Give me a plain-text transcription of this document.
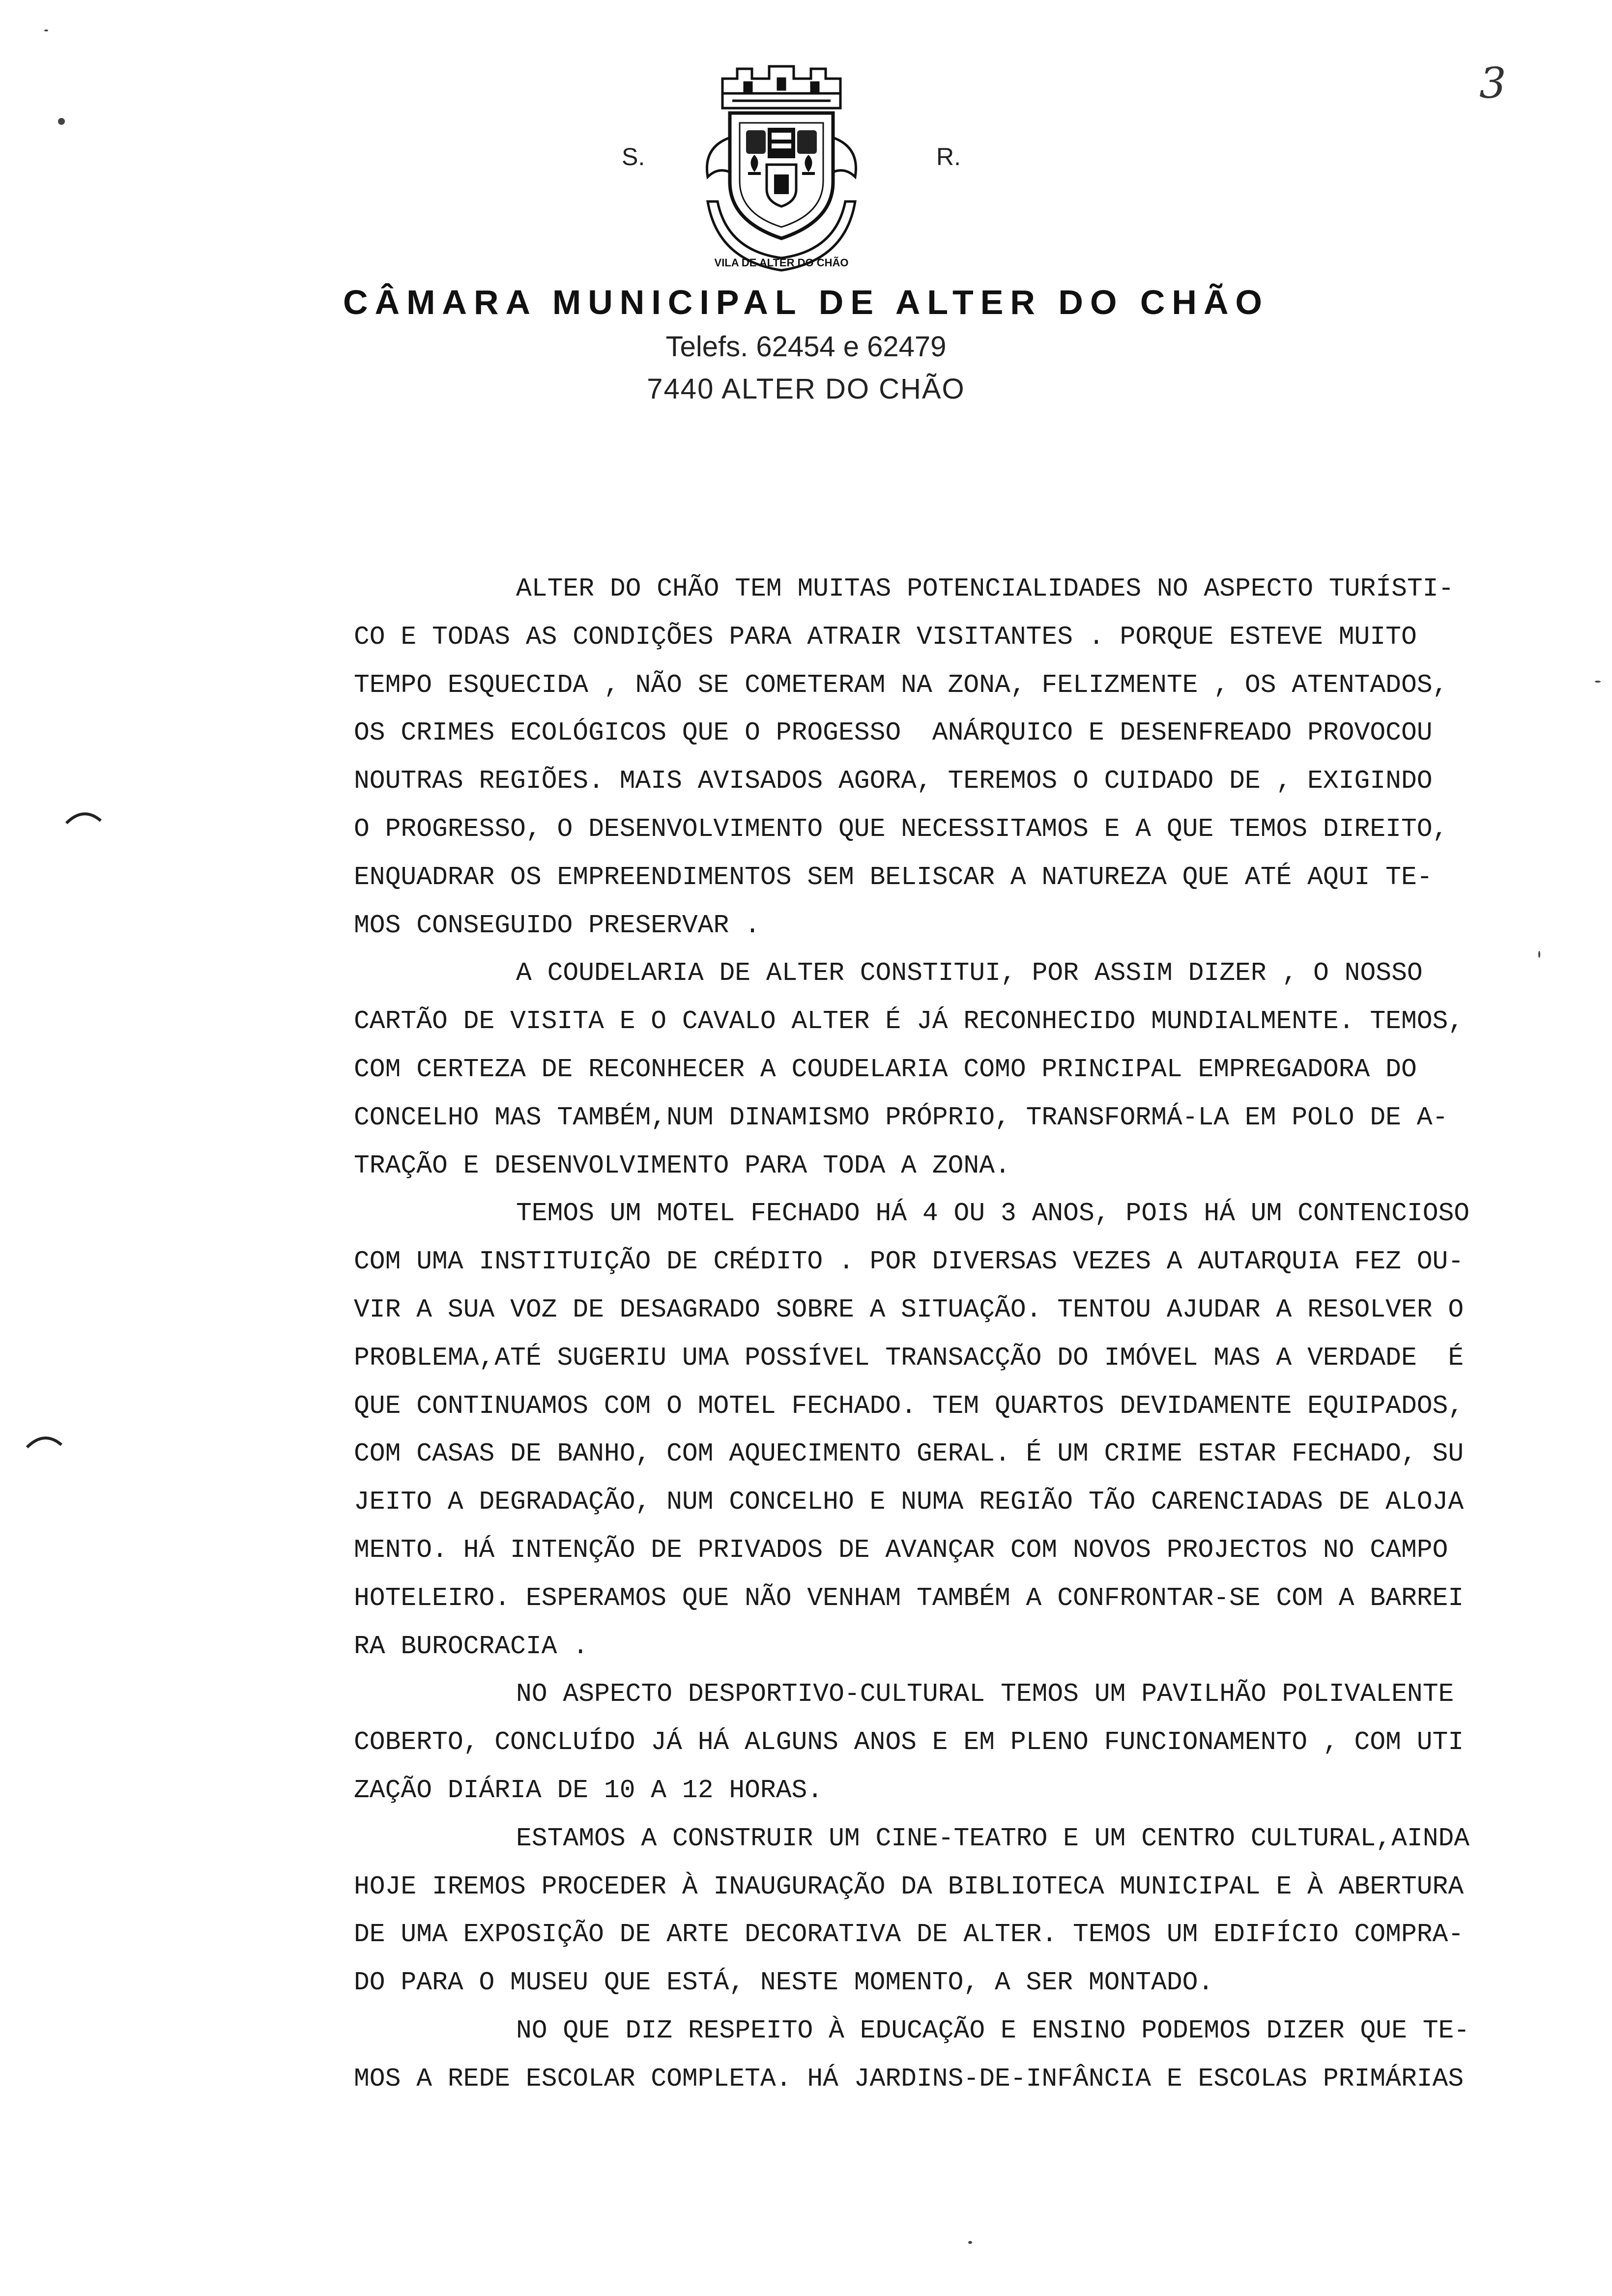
3
VILA DE ALTER DO CHÃO
S.	R.
CÂMARA MUNICIPAL DE ALTER DO CHÃO
Telefs. 62454 e 62479
7440 ALTER DO CHÃO
ALTER DO CHÃO TEM MUITAS POTENCIALIDADES NO ASPECTO TURÍSTI-
CO E TODAS AS CONDIÇÕES PARA ATRAIR VISITANTES . PORQUE ESTEVE MUITO
TEMPO ESQUECIDA , NÃO SE COMETERAM NA ZONA, FELIZMENTE , OS ATENTADOS,
OS CRIMES ECOLÓGICOS QUE O PROGESSO  ANÁRQUICO E DESENFREADO PROVOCOU
NOUTRAS REGIÕES. MAIS AVISADOS AGORA, TEREMOS O CUIDADO DE , EXIGINDO
O PROGRESSO, O DESENVOLVIMENTO QUE NECESSITAMOS E A QUE TEMOS DIREITO,
ENQUADRAR OS EMPREENDIMENTOS SEM BELISCAR A NATUREZA QUE ATÉ AQUI TE-
MOS CONSEGUIDO PRESERVAR .
A COUDELARIA DE ALTER CONSTITUI, POR ASSIM DIZER , O NOSSO
CARTÃO DE VISITA E O CAVALO ALTER É JÁ RECONHECIDO MUNDIALMENTE. TEMOS,
COM CERTEZA DE RECONHECER A COUDELARIA COMO PRINCIPAL EMPREGADORA DO
CONCELHO MAS TAMBÉM,NUM DINAMISMO PRÓPRIO, TRANSFORMÁ-LA EM POLO DE A-
TRAÇÃO E DESENVOLVIMENTO PARA TODA A ZONA.
TEMOS UM MOTEL FECHADO HÁ 4 OU 3 ANOS, POIS HÁ UM CONTENCIOSO
COM UMA INSTITUIÇÃO DE CRÉDITO . POR DIVERSAS VEZES A AUTARQUIA FEZ OU-
VIR A SUA VOZ DE DESAGRADO SOBRE A SITUAÇÃO. TENTOU AJUDAR A RESOLVER O
PROBLEMA,ATÉ SUGERIU UMA POSSÍVEL TRANSACÇÃO DO IMÓVEL MAS A VERDADE  É
QUE CONTINUAMOS COM O MOTEL FECHADO. TEM QUARTOS DEVIDAMENTE EQUIPADOS,
COM CASAS DE BANHO, COM AQUECIMENTO GERAL. É UM CRIME ESTAR FECHADO, SU
JEITO A DEGRADAÇÃO, NUM CONCELHO E NUMA REGIÃO TÃO CARENCIADAS DE ALOJA
MENTO. HÁ INTENÇÃO DE PRIVADOS DE AVANÇAR COM NOVOS PROJECTOS NO CAMPO
HOTELEIRO. ESPERAMOS QUE NÃO VENHAM TAMBÉM A CONFRONTAR-SE COM A BARREI
RA BUROCRACIA .
NO ASPECTO DESPORTIVO-CULTURAL TEMOS UM PAVILHÃO POLIVALENTE
COBERTO, CONCLUÍDO JÁ HÁ ALGUNS ANOS E EM PLENO FUNCIONAMENTO , COM UTI
ZAÇÃO DIÁRIA DE 10 A 12 HORAS.
ESTAMOS A CONSTRUIR UM CINE-TEATRO E UM CENTRO CULTURAL,AINDA
HOJE IREMOS PROCEDER À INAUGURAÇÃO DA BIBLIOTECA MUNICIPAL E À ABERTURA
DE UMA EXPOSIÇÃO DE ARTE DECORATIVA DE ALTER. TEMOS UM EDIFÍCIO COMPRA-
DO PARA O MUSEU QUE ESTÁ, NESTE MOMENTO, A SER MONTADO.
NO QUE DIZ RESPEITO À EDUCAÇÃO E ENSINO PODEMOS DIZER QUE TE-
MOS A REDE ESCOLAR COMPLETA. HÁ JARDINS-DE-INFÂNCIA E ESCOLAS PRIMÁRIAS
